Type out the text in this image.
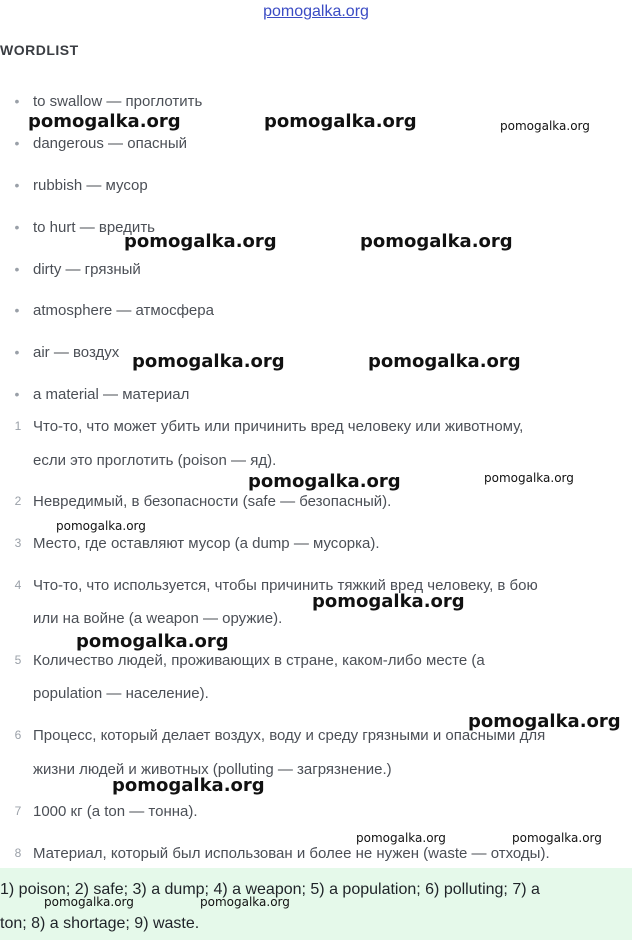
pomogalka.org
WORDLIST
• to swallow — проглотить
• dangerous — опасный
• rubbish — мусор
• to hurt — вредить
• dirty — грязный
• atmosphere — атмосфера
• air — воздух
• a material — материал
1 Что-то, что может убить или причинить вред человеку или животному,
если это проглотить (poison — яд).
2 Невредимый, в безопасности (safe — безопасный).
3 Место, где оставляют мусор (a dump — мусорка).
4 Что-то, что используется, чтобы причинить тяжкий вред человеку, в бою
или на войне (a weapon — оружие).
5 Количество людей, проживающих в стране, каком-либо месте (a
population — население).
6 Процесс, который делает воздух, воду и среду грязными и опасными для
жизни людей и животных (polluting — загрязнение.)
7 1000 кг (a ton — тонна).
8 Материал, который был использован и более не нужен (waste — отходы).
1) poison; 2) safe; 3) a dump; 4) a weapon; 5) a population; 6) polluting; 7) a
ton; 8) a shortage; 9) waste.
pomogalka.org	pomogalka.org	pomogalka.org
pomogalka.org	pomogalka.org
pomogalka.org	pomogalka.org
pomogalka.org	pomogalka.org
pomogalka.org
pomogalka.org
pomogalka.org
pomogalka.org
pomogalka.org
pomogalka.org	pomogalka.org
pomogalka.org	pomogalka.org
